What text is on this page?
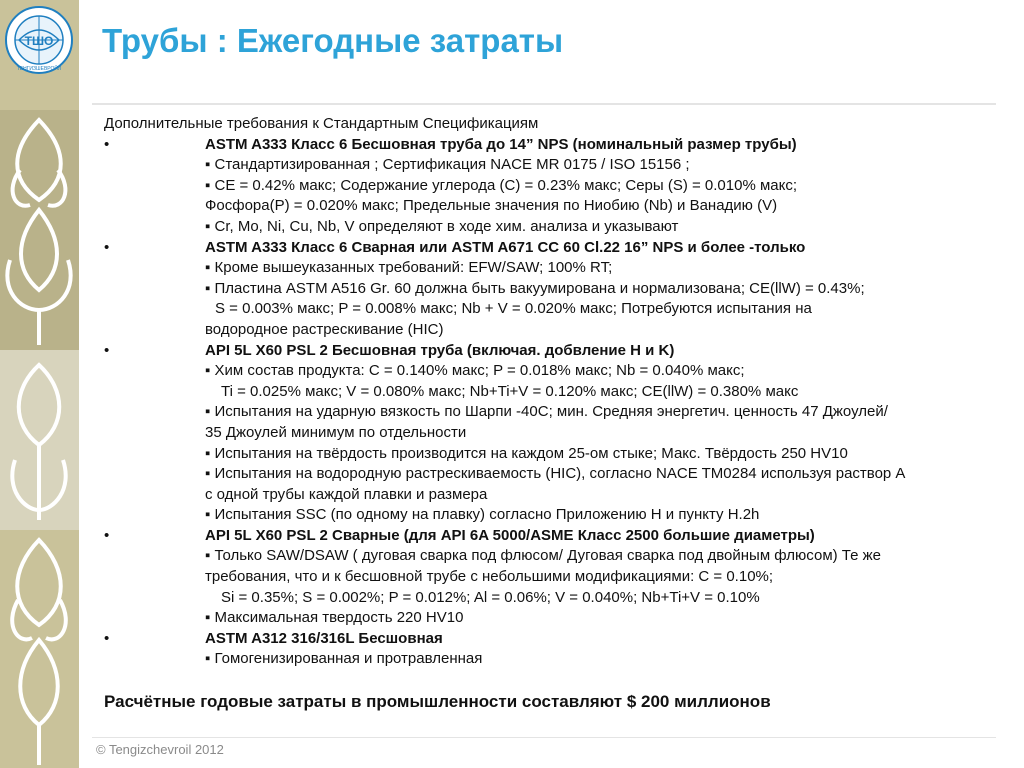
ТШО
ТЕНГИЗШЕВРОЙЛ
Трубы : Ежегодные затраты
Дополнительные требования к Стандартным Спецификациям
•	ASTM A333 Класс 6 Бесшовная труба до 14” NPS (номинальный размер трубы)
▪ Стандартизированная ; Сертификация NACE MR 0175 / ISO 15156 ;
▪ CE = 0.42% макс; Содержание углерода (C) = 0.23% макс; Серы (S) = 0.010% макс;
Фосфора(P) = 0.020% макс; Предельные значения по Ниобию (Nb) и Ванадию (V)
▪ Cr, Mo, Ni, Cu, Nb, V определяют в ходе хим. анализа и указывают
•	ASTM A333 Класс 6 Сварная или ASTM A671 CC 60 Cl.22 16” NPS и более -только
▪ Кроме вышеуказанных требований: EFW/SAW; 100% RT;
▪ Пластина ASTM A516 Gr. 60 должна быть вакуумирована и нормализована; CE(llW) = 0.43%;
S = 0.003% макс; P = 0.008% макс; Nb + V = 0.020% макс; Потребуются испытания на
водородное растрескивание (HIC)
•	API 5L X60 PSL 2 Бесшовная труба (включая. добвление H и K)
▪ Хим состав продукта: C = 0.140% макс; P = 0.018% макс; Nb = 0.040% макс;
Ti = 0.025% макс; V = 0.080% макс; Nb+Ti+V = 0.120% макс; CE(llW) = 0.380% макс
▪ Испытания на ударную вязкость по Шарпи -40C; мин. Средняя энергетич. ценность 47 Джоулей/
35 Джоулей минимум по отдельности
▪ Испытания на твёрдость производится на каждом 25-ом стыке; Макс. Твёрдость 250 HV10
▪ Испытания на водородную растрескиваемость (HIC), согласно NACE TM0284 используя раствор А
с одной трубы каждой плавки и размера
▪ Испытания SSC (по одному на плавку) согласно Приложению H и пункту H.2h
•	API 5L X60 PSL 2 Сварные (для API 6A 5000/ASME Класс 2500 большие диаметры)
▪ Только SAW/DSAW ( дуговая сварка под флюсом/ Дуговая сварка под двойным флюсом) Те же
требования, что и к бесшовной трубе с небольшими модификациями: C = 0.10%;
Si = 0.35%; S = 0.002%; P = 0.012%; Al = 0.06%; V = 0.040%; Nb+Ti+V = 0.10%
▪ Максимальная твердость 220 HV10
•	ASTM A312 316/316L Бесшовная
▪ Гомогенизированная и протравленная
Расчётные годовые затраты в промышленности составляют $ 200 миллионов
© Tengizchevroil 2012
